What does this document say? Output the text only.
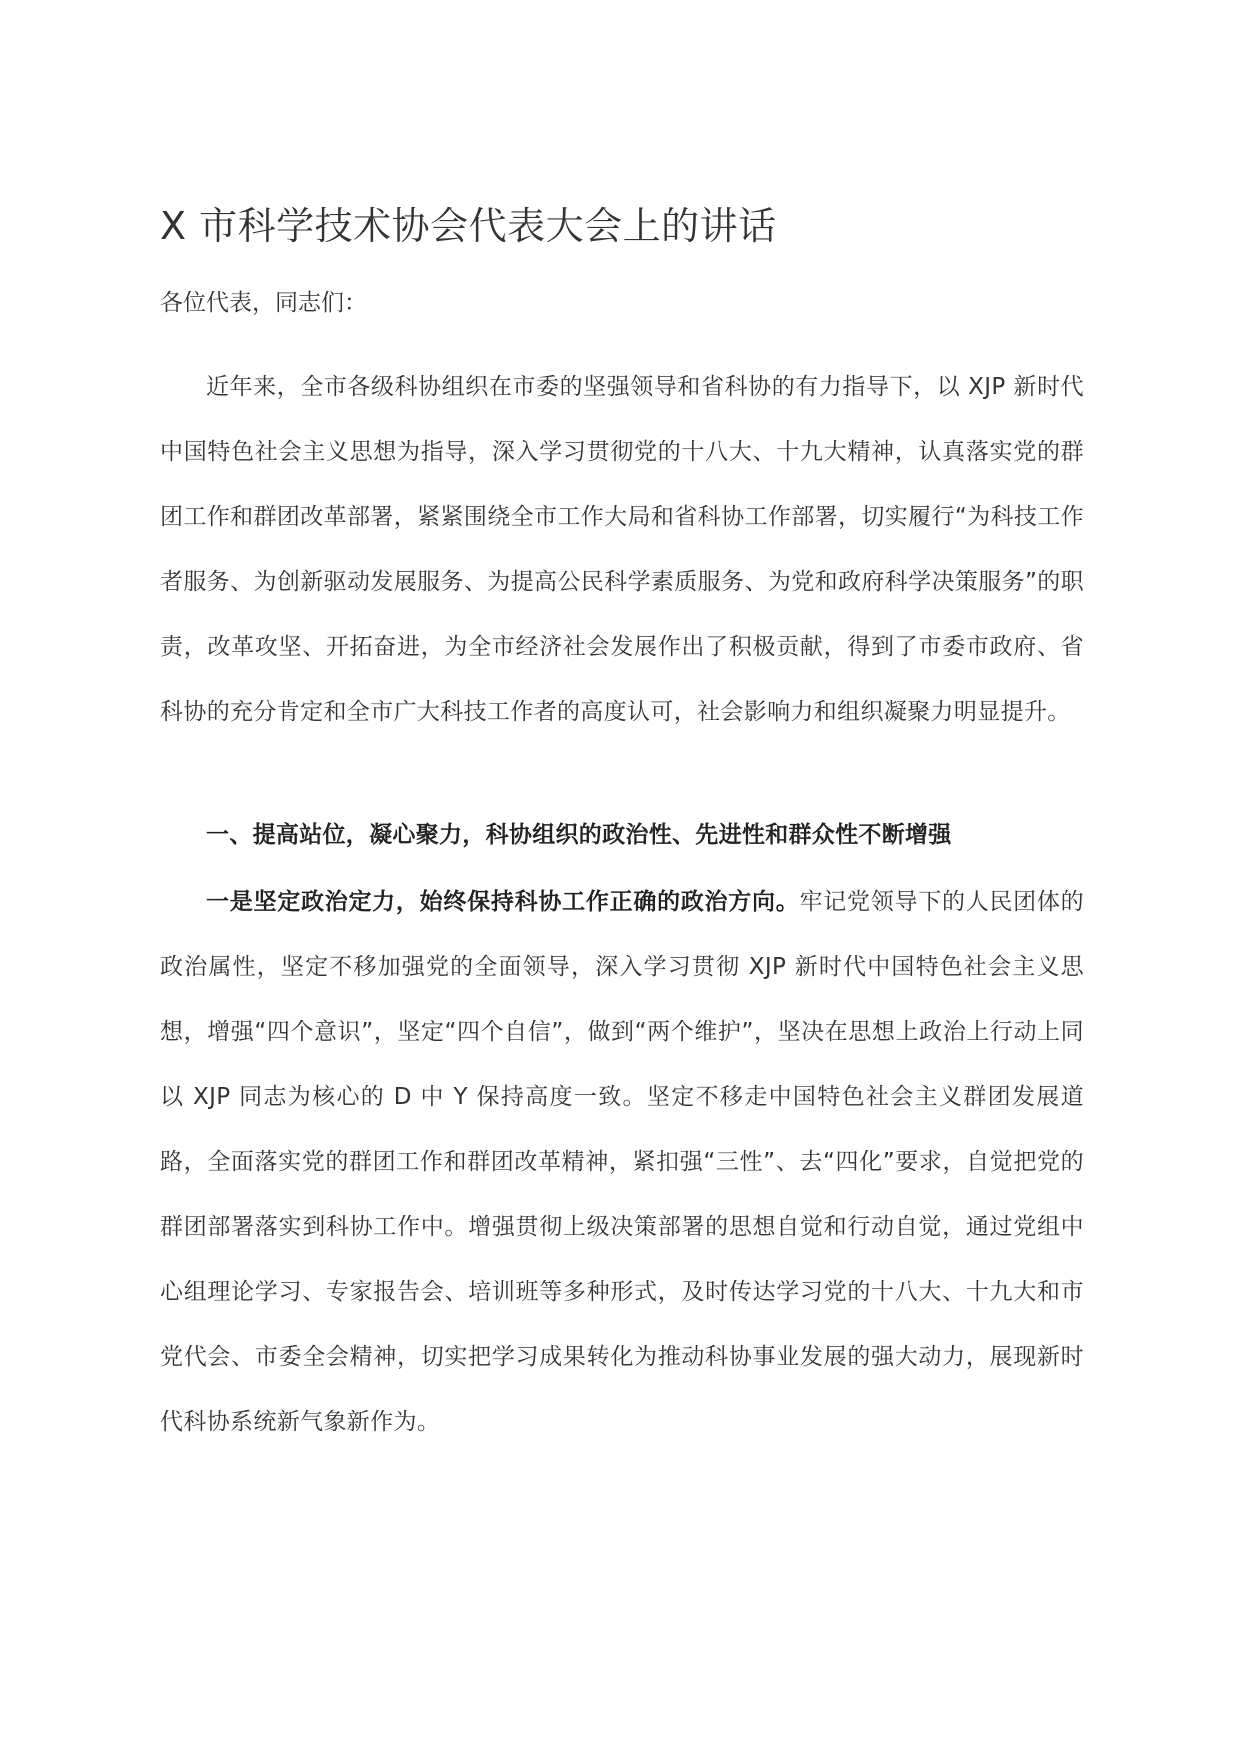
X 市科学技术协会代表大会上的讲话

各位代表，同志们：

近年来，全市各级科协组织在市委的坚强领导和省科协的有力指导下，以 XJP 新时代中国特色社会主义思想为指导，深入学习贯彻党的十八大、十九大精神，认真落实党的群团工作和群团改革部署，紧紧围绕全市工作大局和省科协工作部署，切实履行“为科技工作者服务、为创新驱动发展服务、为提高公民科学素质服务、为党和政府科学决策服务”的职责，改革攻坚、开拓奋进，为全市经济社会发展作出了积极贡献，得到了市委市政府、省科协的充分肯定和全市广大科技工作者的高度认可，社会影响力和组织凝聚力明显提升。

一、提高站位，凝心聚力，科协组织的政治性、先进性和群众性不断增强

一是坚定政治定力，始终保持科协工作正确的政治方向。牢记党领导下的人民团体的政治属性，坚定不移加强党的全面领导，深入学习贯彻 XJP 新时代中国特色社会主义思想，增强“四个意识”，坚定“四个自信”，做到“两个维护”，坚决在思想上政治上行动上同以 XJP 同志为核心的 D 中 Y 保持高度一致。坚定不移走中国特色社会主义群团发展道路，全面落实党的群团工作和群团改革精神，紧扣强“三性”、去“四化”要求，自觉把党的群团部署落实到科协工作中。增强贯彻上级决策部署的思想自觉和行动自觉，通过党组中心组理论学习、专家报告会、培训班等多种形式，及时传达学习党的十八大、十九大和市党代会、市委全会精神，切实把学习成果转化为推动科协事业发展的强大动力，展现新时代科协系统新气象新作为。
